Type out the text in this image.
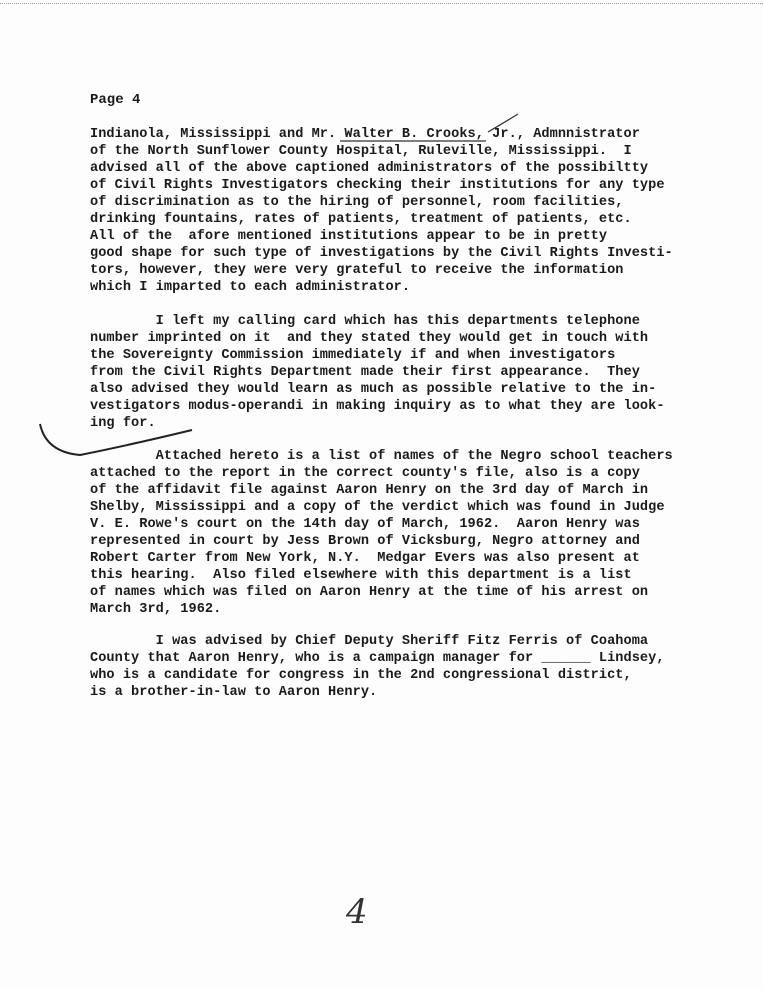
Page 4
Indianola, Mississippi and Mr. Walter B. Crooks, Jr., Admnnistrator
of the North Sunflower County Hospital, Ruleville, Mississippi.  I
advised all of the above captioned administrators of the possibiltty
of Civil Rights Investigators checking their institutions for any type
of discrimination as to the hiring of personnel, room facilities,
drinking fountains, rates of patients, treatment of patients, etc.
All of the  afore mentioned institutions appear to be in pretty
good shape for such type of investigations by the Civil Rights Investi-
tors, however, they were very grateful to receive the information
which I imparted to each administrator.
I left my calling card which has this departments telephone
number imprinted on it  and they stated they would get in touch with
the Sovereignty Commission immediately if and when investigators
from the Civil Rights Department made their first appearance.  They
also advised they would learn as much as possible relative to the in-
vestigators modus-operandi in making inquiry as to what they are look-
ing for.
Attached hereto is a list of names of the Negro school teachers
attached to the report in the correct county's file, also is a copy
of the affidavit file against Aaron Henry on the 3rd day of March in
Shelby, Mississippi and a copy of the verdict which was found in Judge
V. E. Rowe's court on the 14th day of March, 1962.  Aaron Henry was
represented in court by Jess Brown of Vicksburg, Negro attorney and
Robert Carter from New York, N.Y.  Medgar Evers was also present at
this hearing.  Also filed elsewhere with this department is a list
of names which was filed on Aaron Henry at the time of his arrest on
March 3rd, 1962.
I was advised by Chief Deputy Sheriff Fitz Ferris of Coahoma
County that Aaron Henry, who is a campaign manager for ______ Lindsey,
who is a candidate for congress in the 2nd congressional district,
is a brother-in-law to Aaron Henry.
4
